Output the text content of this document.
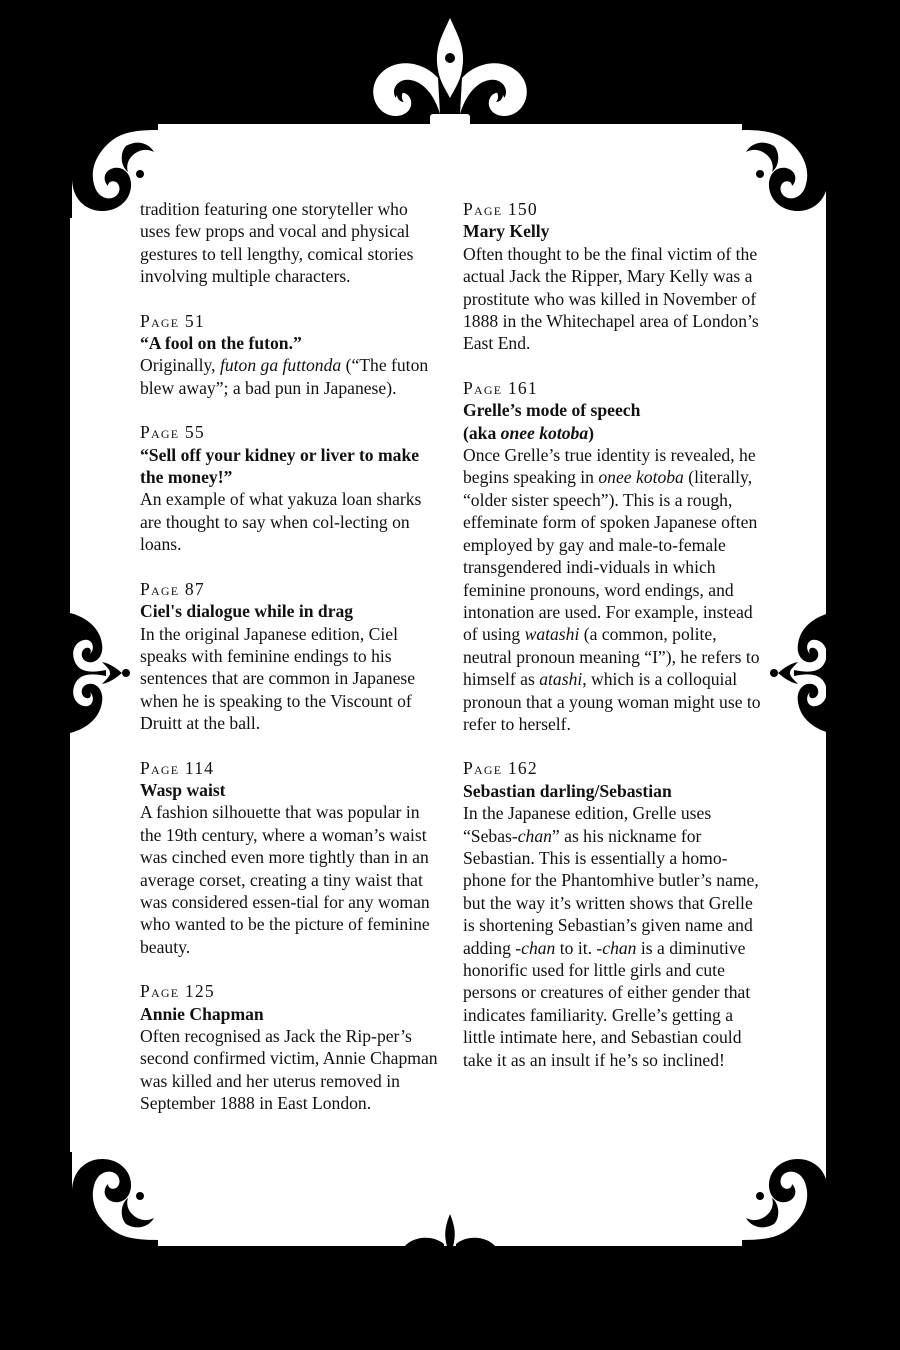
tradition featuring one storyteller who uses few props and vocal and physical gestures to tell lengthy, comical stories involving multiple characters.

Page 51
“A fool on the futon.”

Originally, futon ga futtonda (“The futon blew away”; a bad pun in Japanese).

Page 55
“Sell off your kidney or liver to make the money!”

An example of what yakuza loan sharks are thought to say when col-lecting on loans.

Page 87
Ciel's dialogue while in drag

In the original Japanese edition, Ciel speaks with feminine endings to his sentences that are common in Japanese when he is speaking to the Viscount of Druitt at the ball.

Page 114
Wasp waist

A fashion silhouette that was popular in the 19th century, where a woman’s waist was cinched even more tightly than in an average corset, creating a tiny waist that was considered essen-tial for any woman who wanted to be the picture of feminine beauty.

Page 125
Annie Chapman

Often recognised as Jack the Rip-per’s second confirmed victim, Annie Chapman was killed and her uterus removed in September 1888 in East London.

Page 150
Mary Kelly

Often thought to be the final victim of the actual Jack the Ripper, Mary Kelly was a prostitute who was killed in November of 1888 in the Whitechapel area of London’s East End.

Page 161
Grelle’s mode of speech
(aka onee kotoba)

Once Grelle’s true identity is revealed, he begins speaking in onee kotoba (literally, “older sister speech”). This is a rough, effeminate form of spoken Japanese often employed by gay and male-to-female transgendered indi-viduals in which feminine pronouns, word endings, and intonation are used. For example, instead of using watashi (a common, polite, neutral pronoun meaning “I”), he refers to himself as atashi, which is a colloquial pronoun that a young woman might use to refer to herself.

Page 162
Sebastian darling/Sebastian

In the Japanese edition, Grelle uses “Sebas-chan” as his nickname for Sebastian. This is essentially a homo-phone for the Phantomhive butler’s name, but the way it’s written shows that Grelle is shortening Sebastian’s given name and adding -chan to it. -chan is a diminutive honorific used for little girls and cute persons or creatures of either gender that indicates familiarity. Grelle’s getting a little intimate here, and Sebastian could take it as an insult if he’s so inclined!
